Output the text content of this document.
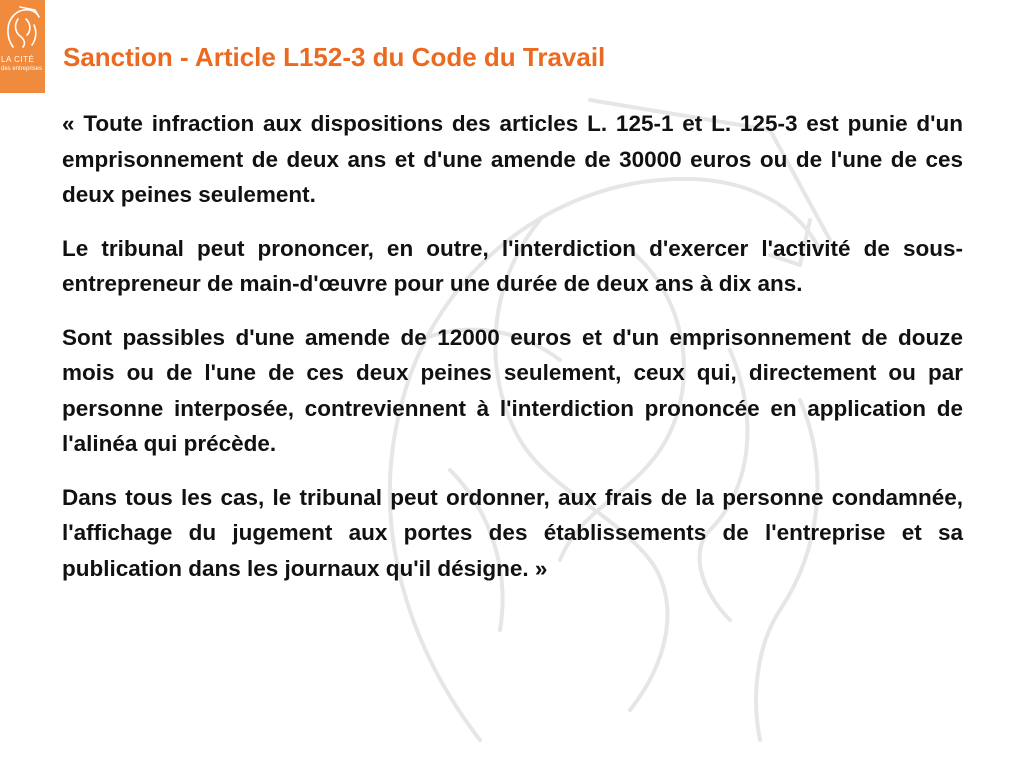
LA CITÉ
des entreprises Sanction - Article L152-3 du Code du Travail

« Toute infraction aux dispositions des articles L. 125-1 et L. 125-3 est punie d'un emprisonnement de deux ans et d'une amende de 30000 euros ou de l'une de ces deux peines seulement.

Le tribunal peut prononcer, en outre, l'interdiction d'exercer l'activité de sous-entrepreneur de main-d'œuvre pour une durée de deux ans à dix ans.

Sont passibles d'une amende de 12000 euros et d'un emprisonnement de douze mois ou de l'une de ces deux peines seulement, ceux qui, directement ou par personne interposée, contreviennent à l'interdiction prononcée en application de l'alinéa qui précède.

Dans tous les cas, le tribunal peut ordonner, aux frais de la personne condamnée, l'affichage du jugement aux portes des établissements de l'entreprise et sa publication dans les journaux qu'il désigne. »
